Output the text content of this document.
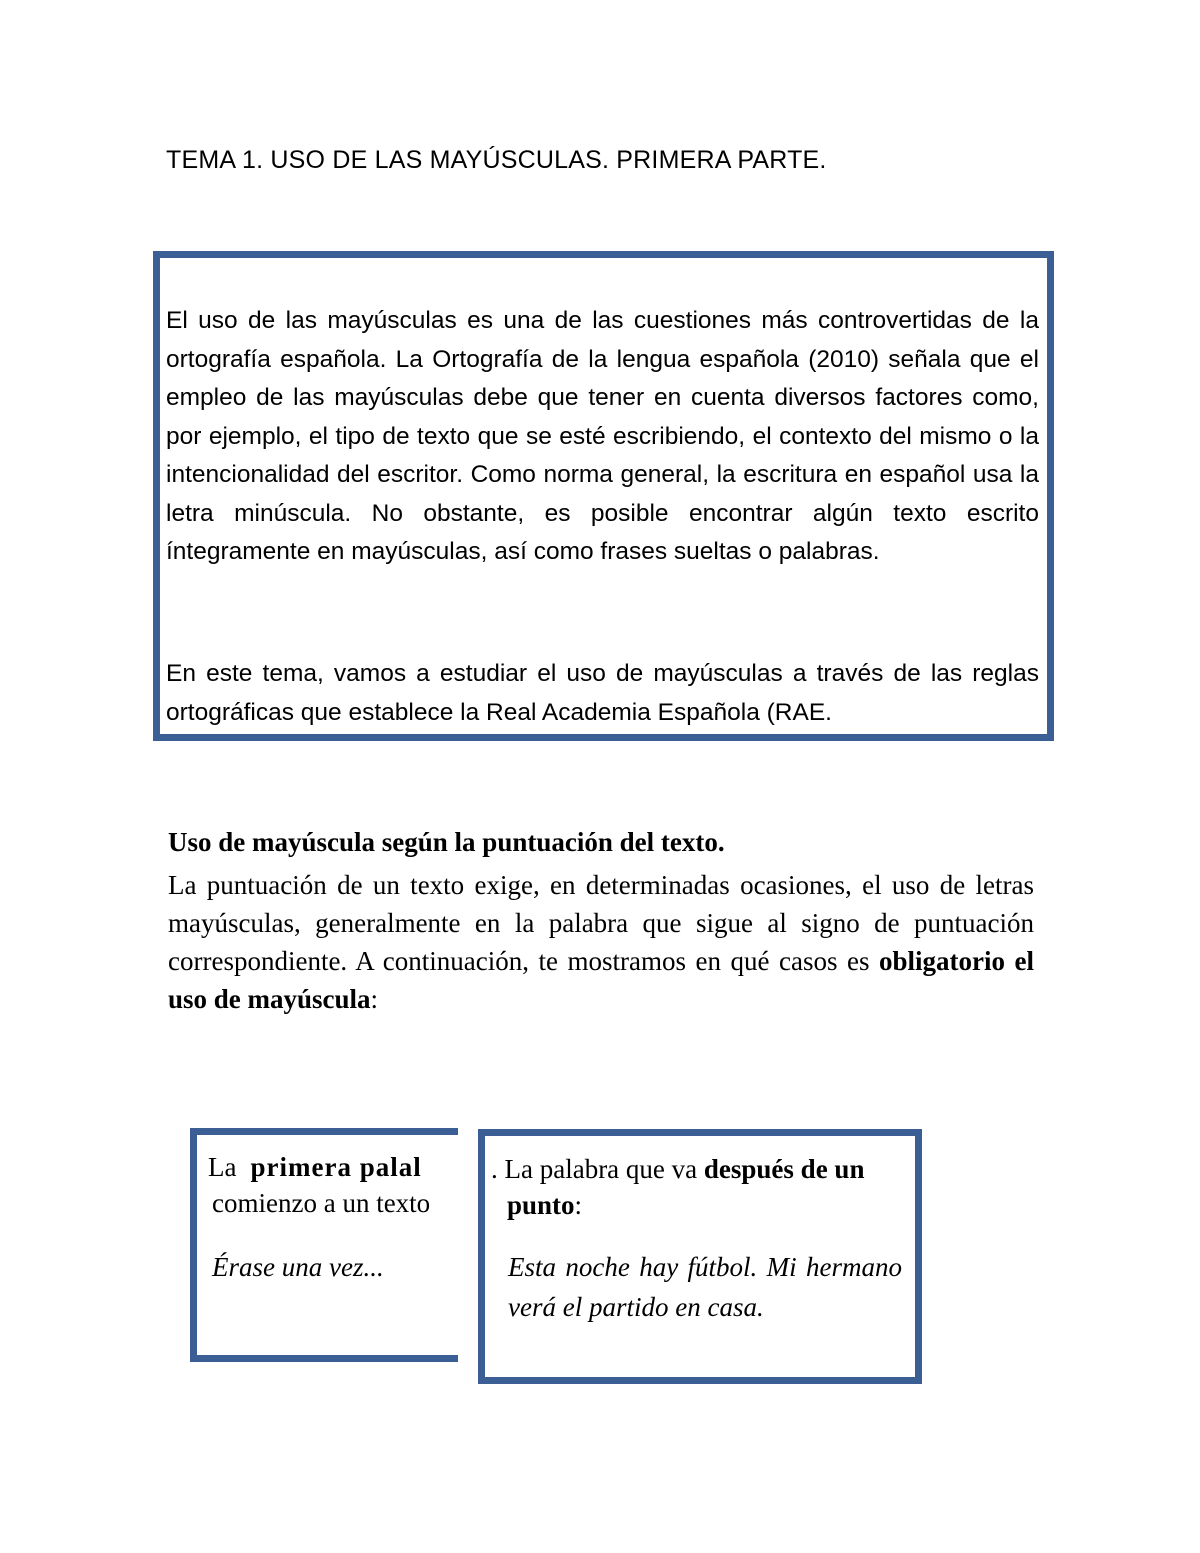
TEMA 1. USO DE LAS MAYÚSCULAS. PRIMERA PARTE.
El uso de las mayúsculas es una de las cuestiones más controvertidas de la ortografía española. La Ortografía de la lengua española (2010) señala que el empleo de las mayúsculas debe que tener en cuenta diversos factores como, por ejemplo, el tipo de texto que se esté escribiendo, el contexto del mismo o la intencionalidad del escritor. Como norma general, la escritura en español usa la letra minúscula. No obstante, es posible encontrar algún texto escrito íntegramente en mayúsculas, así como frases sueltas o palabras.
En este tema, vamos a estudiar el uso de mayúsculas a través de las reglas ortográficas que establece la Real Academia Española (RAE.
Uso de mayúscula según la puntuación del texto.
La puntuación de un texto exige, en determinadas ocasiones, el uso de letras mayúsculas, generalmente en la palabra que sigue al signo de puntuación correspondiente. A continuación, te mostramos en qué casos es obligatorio el uso de mayúscula:
La primera palal
comienzo a un texto
Érase una vez...
. La palabra que va después de un
punto:
Esta noche hay fútbol. Mi hermano verá el partido en casa.
